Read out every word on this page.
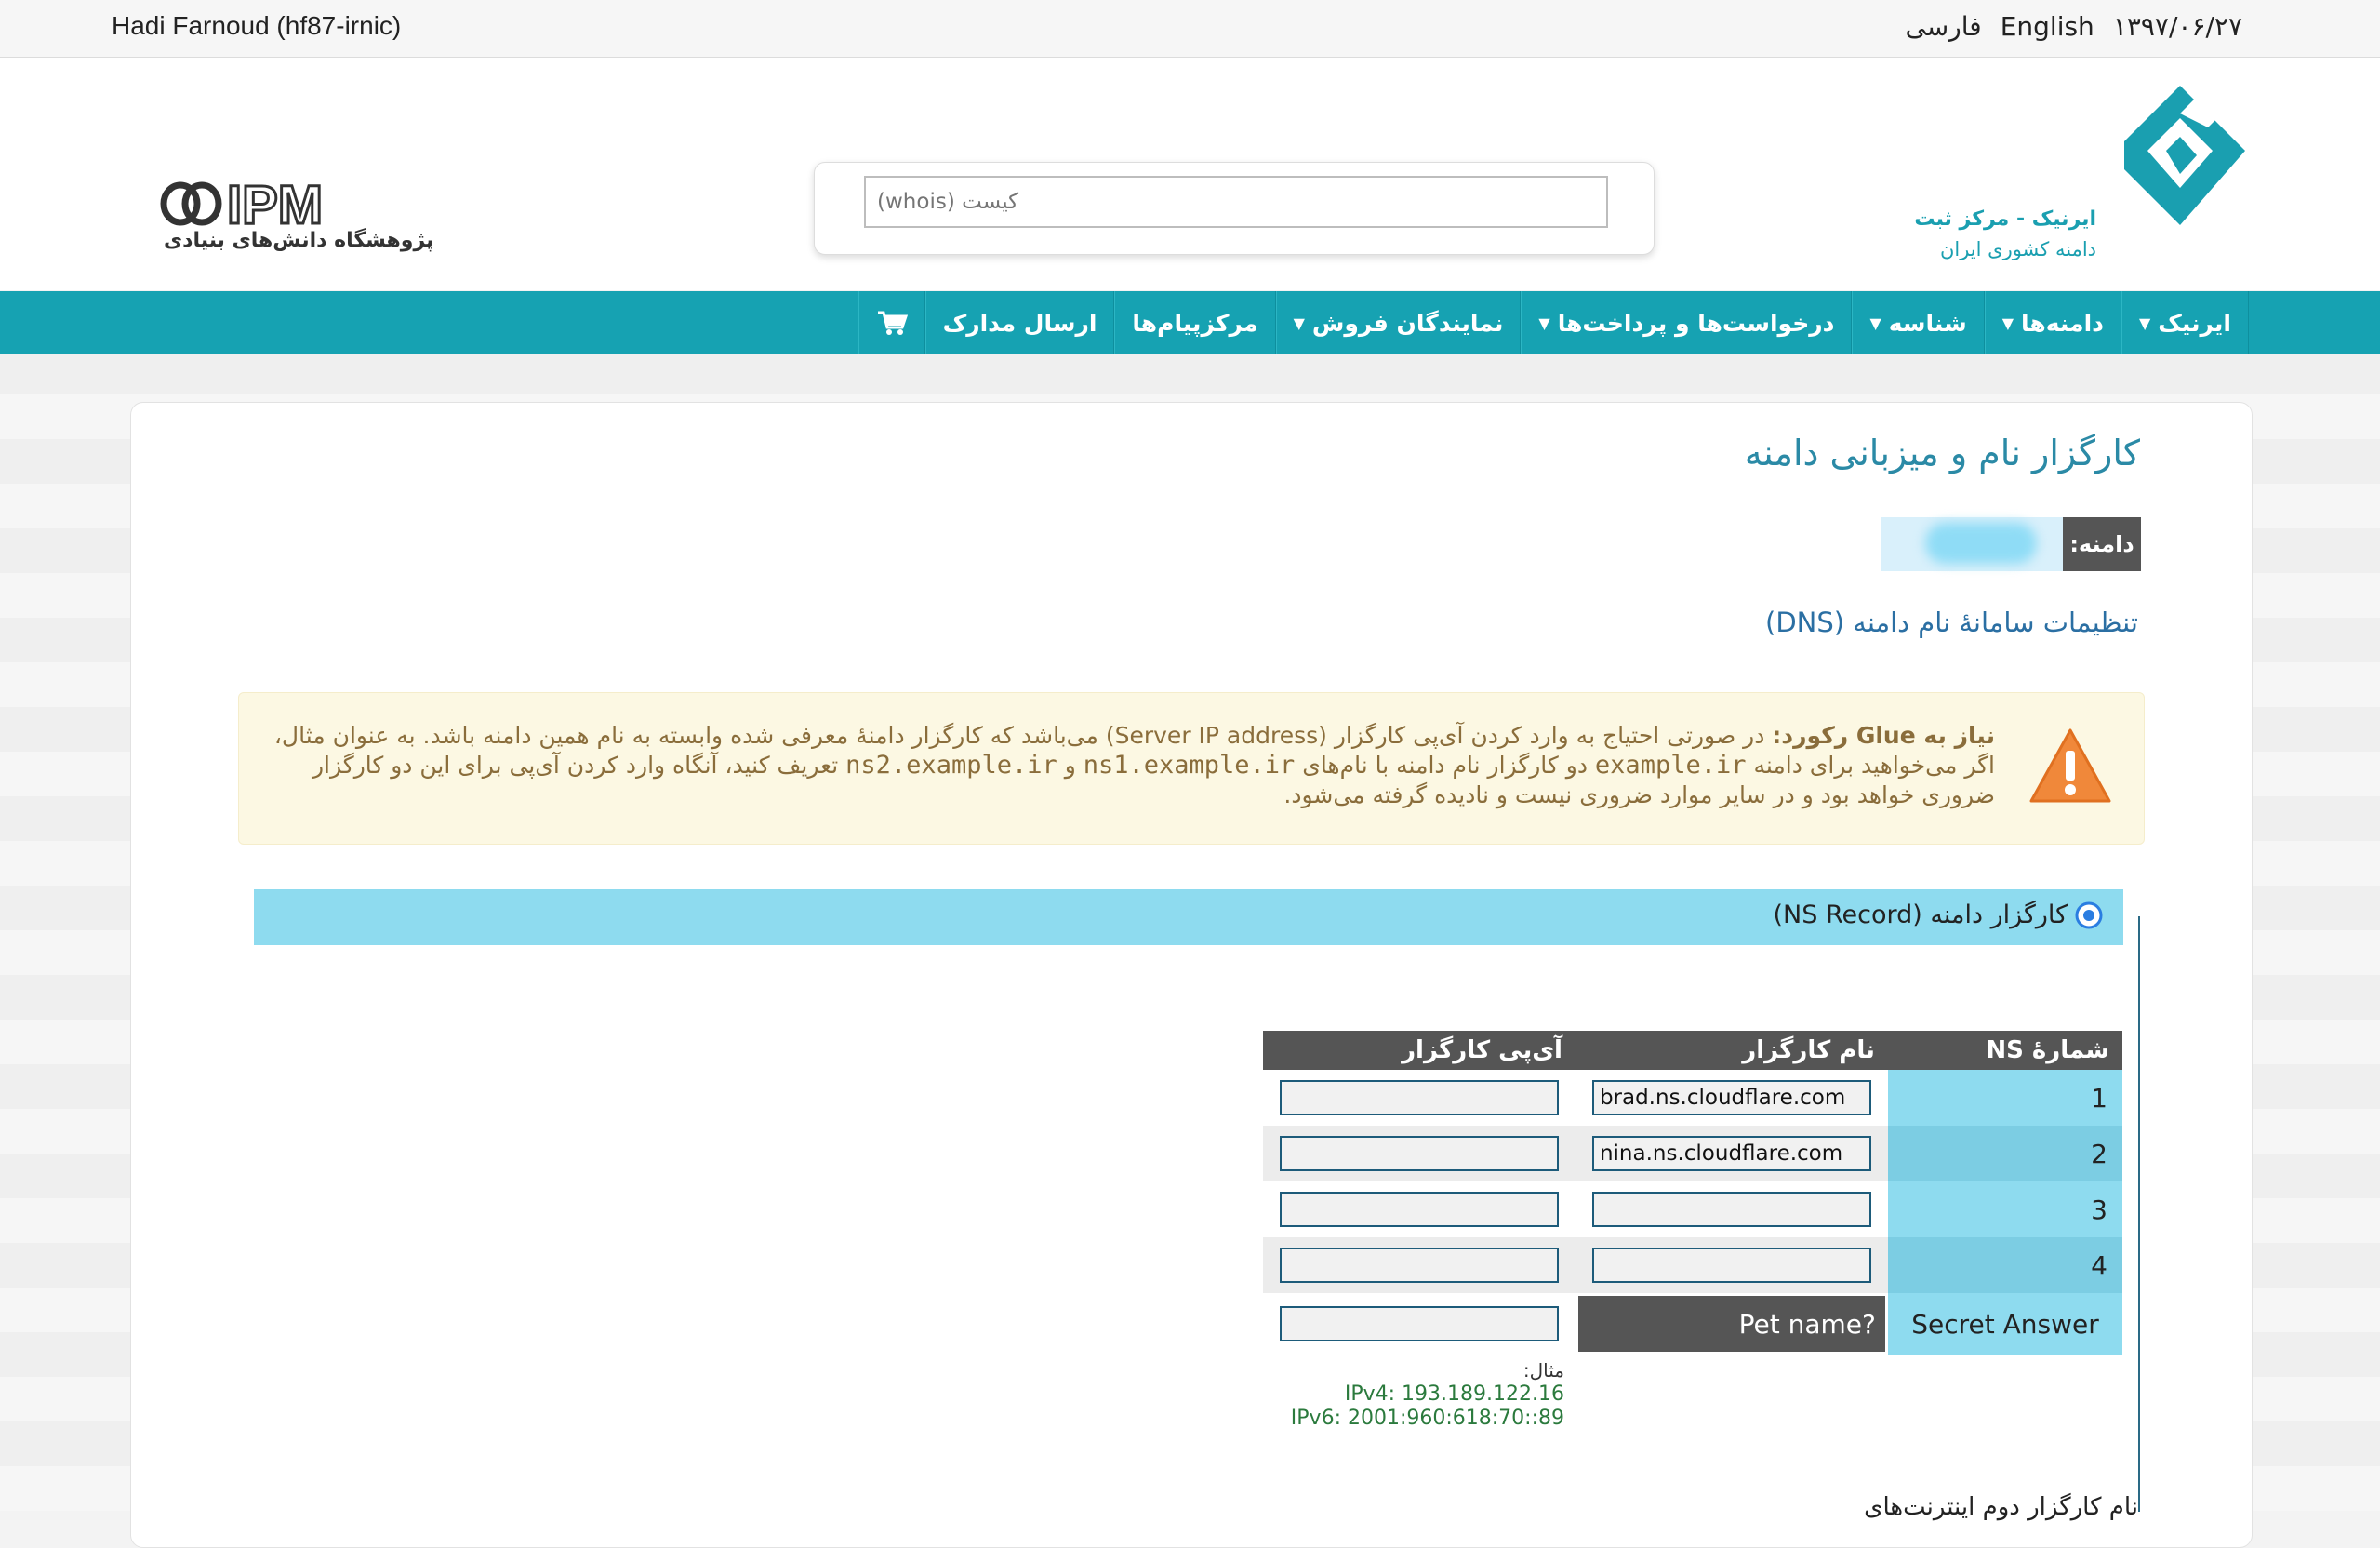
Hadi Farnoud (hf87-irnic)	۱۳۹۷/۰۶/۲۷
English
فارسی
ایرنیک - مرکز ثبت
دامنه کشوری ایران
کیست (whois)
IPM
پژوهشگاه دانش‌های بنیادی
ایرنیک
▼
دامنه‌ها
▼
شناسه
▼
درخواست‌ها و پرداخت‌ها
▼
نمایندگان فروش
▼
مرکزپیام‌ها
ارسال مدارک
کارگزار نام و میزبانی دامنه
دامنه:
تنظیمات سامانهٔ نام دامنه (DNS)
نیاز به Glue رکورد: در صورتی احتیاج به وارد کردن آی‌پی کارگزار (Server IP address) می‌باشد که کارگزار دامنهٔ معرفی شده وابسته به نام همین دامنه باشد. به عنوان مثال، اگر می‌خواهید برای دامنه example.ir دو کارگزار نام دامنه با نام‌های ns1.example.ir و ns2.example.ir تعریف کنید، آنگاه وارد کردن آی‌پی برای این دو کارگزار ضروری خواهد بود و در سایر موارد ضروری نیست و نادیده گرفته می‌شود.
کارگزار دامنه (NS Record)
شمارهٔ NS	نام کارگزار	آی‌پی کارگزار
1	brad.ns.cloudflare.com	

2	nina.ns.cloudflare.com	

3	

4	

Secret Answer	?Pet name	
مثال:
IPv4: 193.189.122.16
IPv6: 2001:960:618:70::89
نام کارگزار دوم اینترنت‌های
